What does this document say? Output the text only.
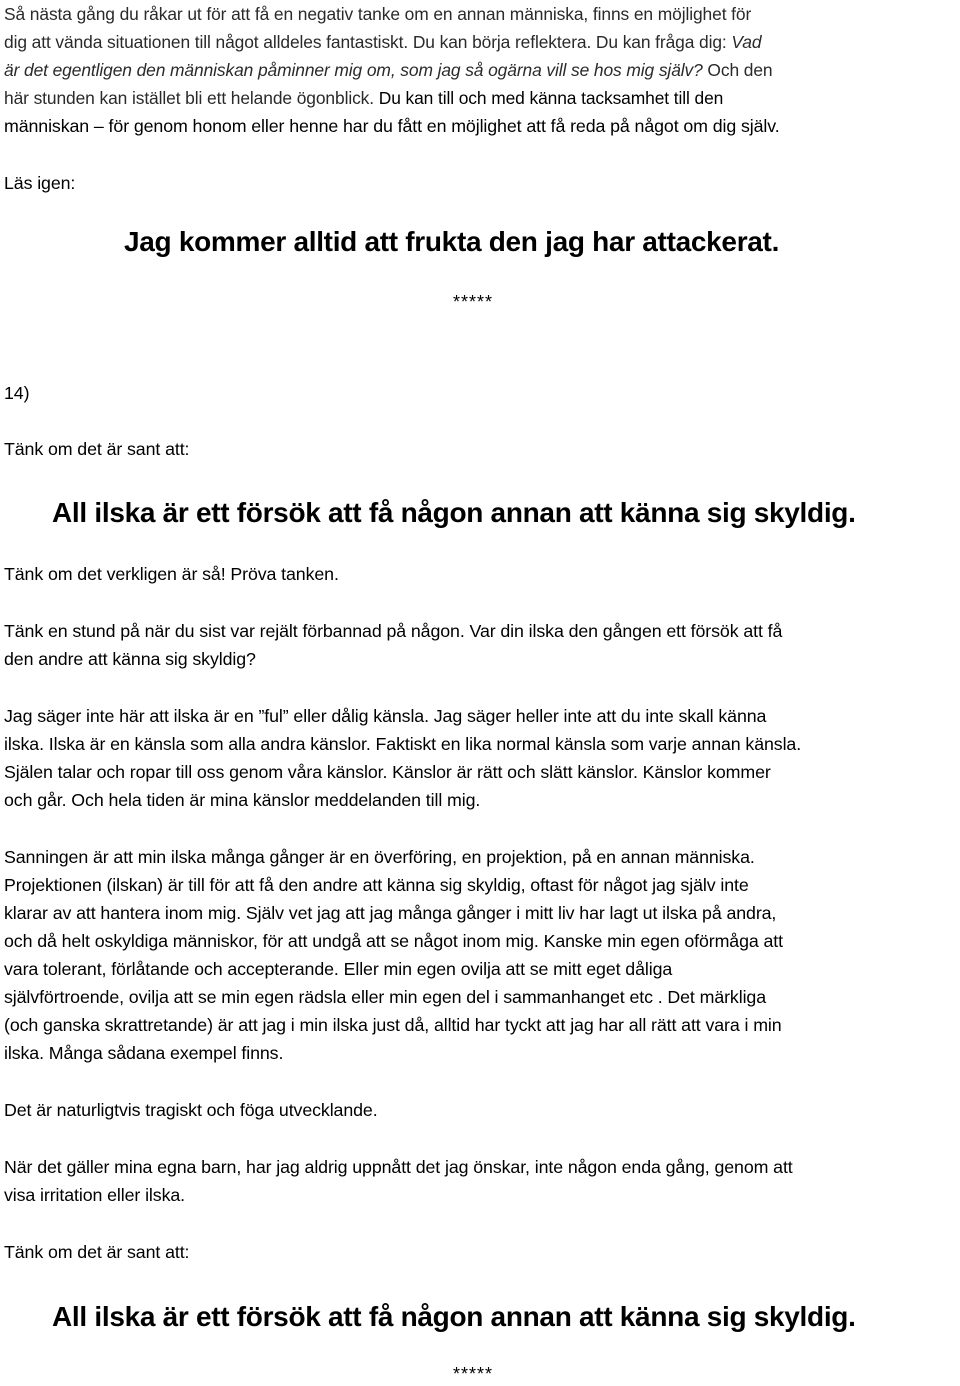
Så nästa gång du råkar ut för att få en negativ tanke om en annan människa, finns en möjlighet för
dig att vända situationen till något alldeles fantastiskt. Du kan börja reflektera. Du kan fråga dig: Vad
är det egentligen den människan påminner mig om, som jag så ogärna vill se hos mig själv? Och den
här stunden kan istället bli ett helande ögonblick. Du kan till och med känna tacksamhet till den
människan – för genom honom eller henne har du fått en möjlighet att få reda på något om dig själv.
Läs igen:
Jag kommer alltid att frukta den jag har attackerat.
*****
14)
Tänk om det är sant att:
All ilska är ett försök att få någon annan att känna sig skyldig.
Tänk om det verkligen är så! Pröva tanken.
Tänk en stund på när du sist var rejält förbannad på någon. Var din ilska den gången ett försök att få
den andre att känna sig skyldig?
Jag säger inte här att ilska är en ”ful” eller dålig känsla. Jag säger heller inte att du inte skall känna
ilska. Ilska är en känsla som alla andra känslor. Faktiskt en lika normal känsla som varje annan känsla.
Själen talar och ropar till oss genom våra känslor. Känslor är rätt och slätt känslor. Känslor kommer
och går. Och hela tiden är mina känslor meddelanden till mig.
Sanningen är att min ilska många gånger är en överföring, en projektion, på en annan människa.
Projektionen (ilskan) är till för att få den andre att känna sig skyldig, oftast för något jag själv inte
klarar av att hantera inom mig. Själv vet jag att jag många gånger i mitt liv har lagt ut ilska på andra,
och då helt oskyldiga människor, för att undgå att se något inom mig. Kanske min egen oförmåga att
vara tolerant, förlåtande och accepterande. Eller min egen ovilja att se mitt eget dåliga
självförtroende, ovilja att se min egen rädsla eller min egen del i sammanhanget etc . Det märkliga
(och ganska skrattretande) är att jag i min ilska just då, alltid har tyckt att jag har all rätt att vara i min
ilska. Många sådana exempel finns.
Det är naturligtvis tragiskt och föga utvecklande.
När det gäller mina egna barn, har jag aldrig uppnått det jag önskar, inte någon enda gång, genom att
visa irritation eller ilska.
Tänk om det är sant att:
All ilska är ett försök att få någon annan att känna sig skyldig.
*****
